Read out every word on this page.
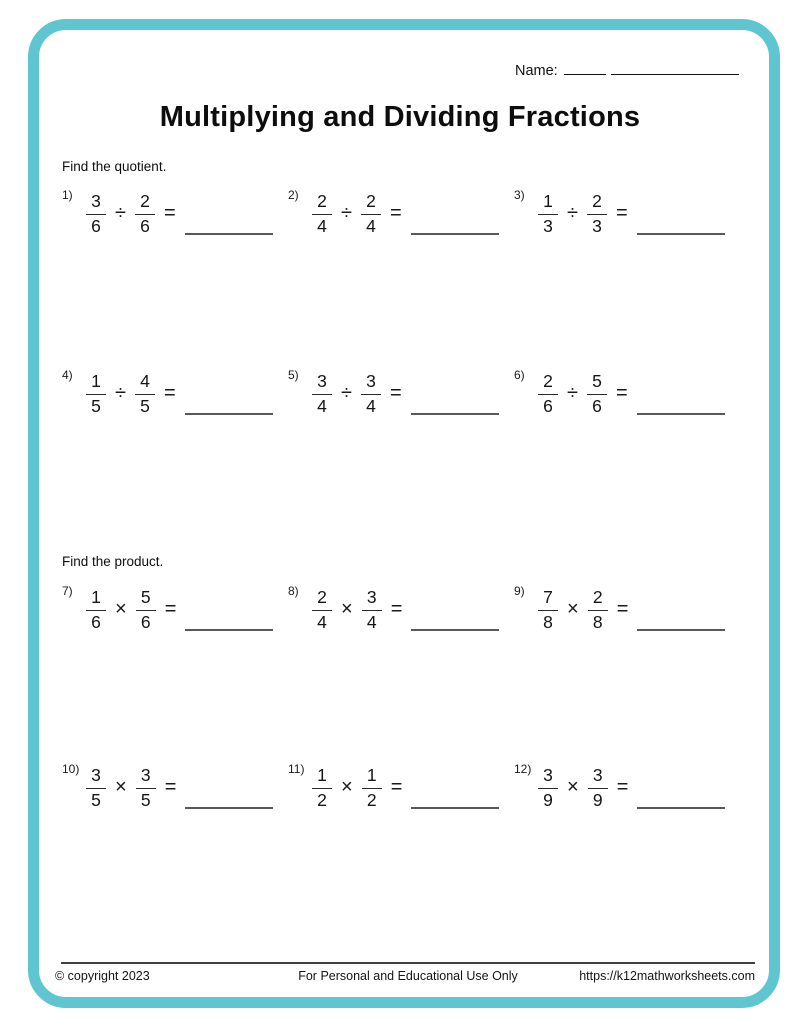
Name:
Multiplying and Dividing Fractions
Find the quotient.
Find the product.
$1) \frac{3}{6} \div \frac{2}{6}$ =
$2) \frac{2}{4} \div \frac{2}{4}$ =
$3) \frac{1}{3} \div \frac{2}{3}$ =
$4) \frac{1}{5} \div \frac{4}{5}$ =
$5) \frac{3}{4} \div \frac{3}{4}$ =
$6) \frac{2}{6} \div \frac{5}{6}$ =
$7) \frac{1}{6} \times \frac{5}{6}$ =
$8) \frac{2}{4} \times \frac{3}{4}$ =
$9) \frac{7}{8} \times \frac{2}{8}$ =
$10) \frac{3}{5} \times \frac{3}{5}$ =
$11) \frac{1}{2} \times \frac{1}{2}$ =
$12) \frac{3}{9} \times \frac{3}{9}$ =
© copyright 2023	For Personal and Educational Use Only	https://k12mathworksheets.com
